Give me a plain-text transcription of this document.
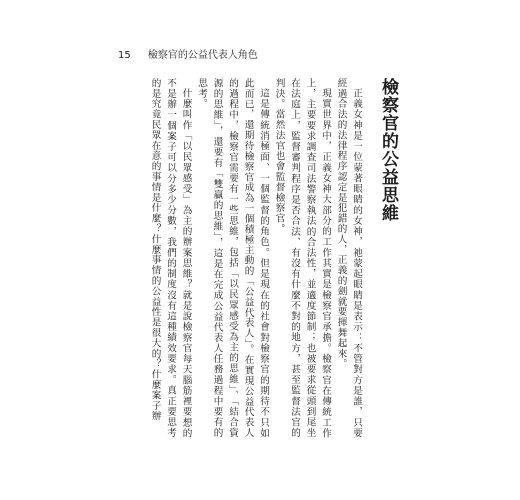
15 檢察官的公益代表人角色
檢察官的公益思維

正義女神是一位蒙著眼睛的女神，祂蒙起眼睛是表示：不管對方是誰，只要經過合法的法律程序認定是犯錯的人，正義的劍就要揮舞起來。

現實世界中，正義女神大部分的工作其實是檢察官承擔。檢察官在傳統工作上，主要要求調查司法警察執法的合法性，並適度節制；也被要求從頭到尾坐在法庭上，監督審判程序是否合法、有沒有什麼不對的地方，甚至監督法官的判決。當然法官也會監督檢察官。

這是傳統消極面、一個監督的角色。但是現在的社會對檢察官的期待不只如此而已，還期待檢察官成為一個積極主動的「公益代表人」。在實現公益代表人的過程中，檢察官需要有一些思維，包括「以民眾感受為主的思維」、「結合資源的思維」，還要有「雙贏的思維」，這是在完成公益代表人任務過程中要有的思考。

什麼叫作「以民眾感受」為主的辦案思維？就是說檢察官每天腦筋裡要想的不是辦一個案子可以分多少分數，我們的制度沒有這種績效要求。真正要思考的是究竟民眾在意的事情是什麼？什麼事情的公益性是很大的？什麼案子辦
